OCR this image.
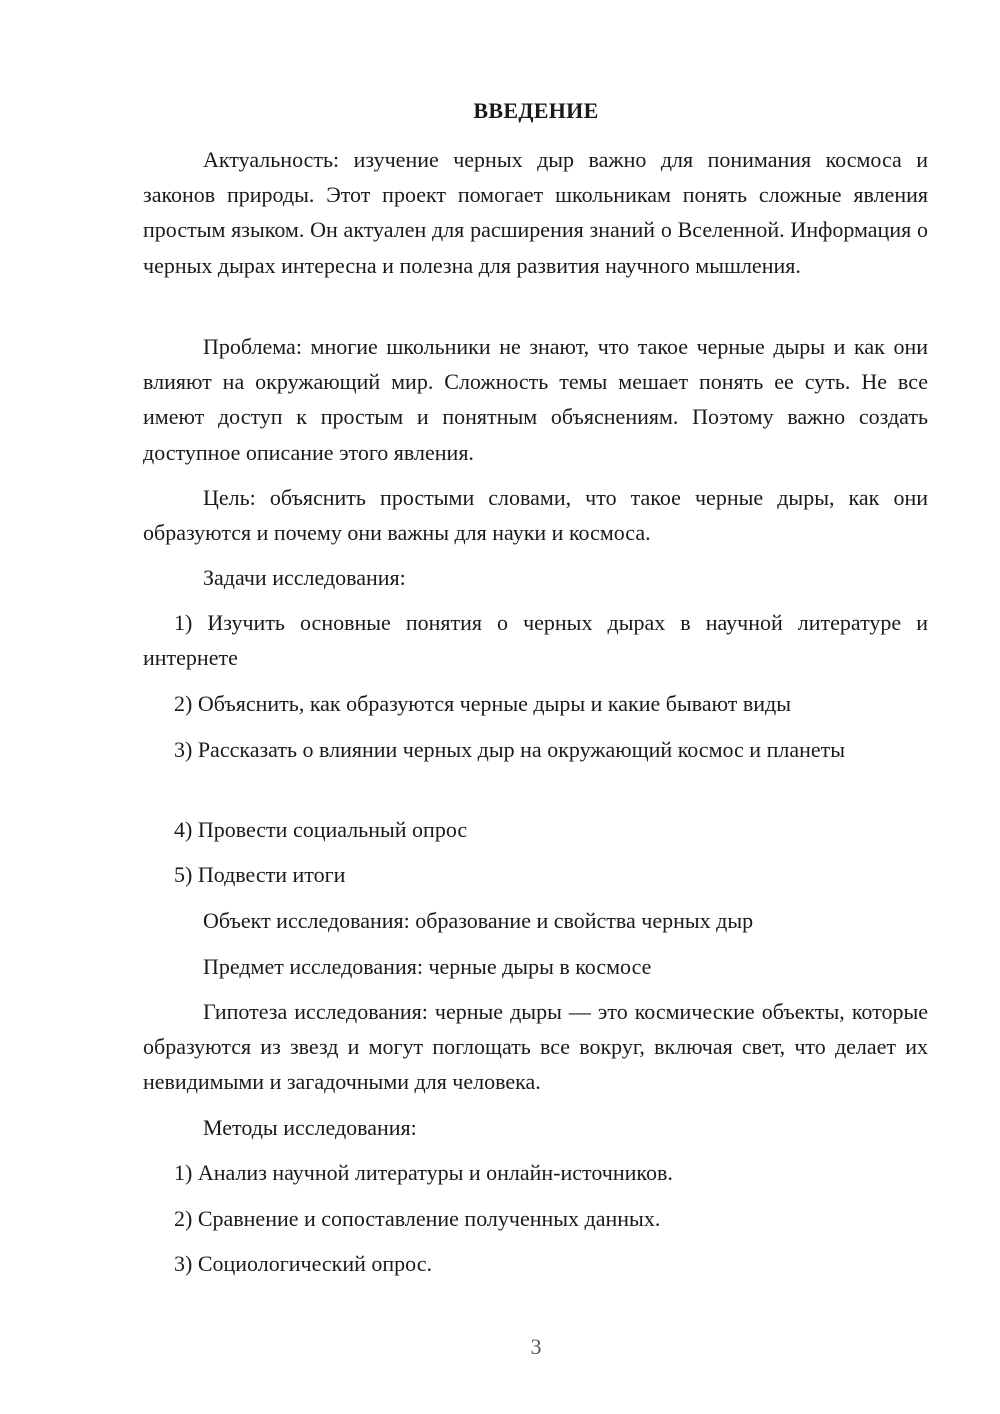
ВВЕДЕНИЕ

Актуальность: изучение черных дыр важно для понимания космоса и законов природы. Этот проект помогает школьникам понять сложные явления простым языком. Он актуален для расширения знаний о Вселенной. Информация о черных дырах интересна и полезна для развития научного мышления.

Проблема: многие школьники не знают, что такое черные дыры и как они влияют на окружающий мир. Сложность темы мешает понять ее суть. Не все имеют доступ к простым и понятным объяснениям. Поэтому важно создать доступное описание этого явления.

Цель: объяснить простыми словами, что такое черные дыры, как они образуются и почему они важны для науки и космоса.

Задачи исследования:

1) Изучить основные понятия о черных дырах в научной литературе и интернете

2) Объяснить, как образуются черные дыры и какие бывают виды

3) Рассказать о влиянии черных дыр на окружающий космос и планеты

4) Провести социальный опрос

5) Подвести итоги

Объект исследования: образование и свойства черных дыр

Предмет исследования: черные дыры в космосе

Гипотеза исследования: черные дыры — это космические объекты, которые образуются из звезд и могут поглощать все вокруг, включая свет, что делает их невидимыми и загадочными для человека.

Методы исследования:

1) Анализ научной литературы и онлайн-источников.

2) Сравнение и сопоставление полученных данных.

3) Социологический опрос.

3
